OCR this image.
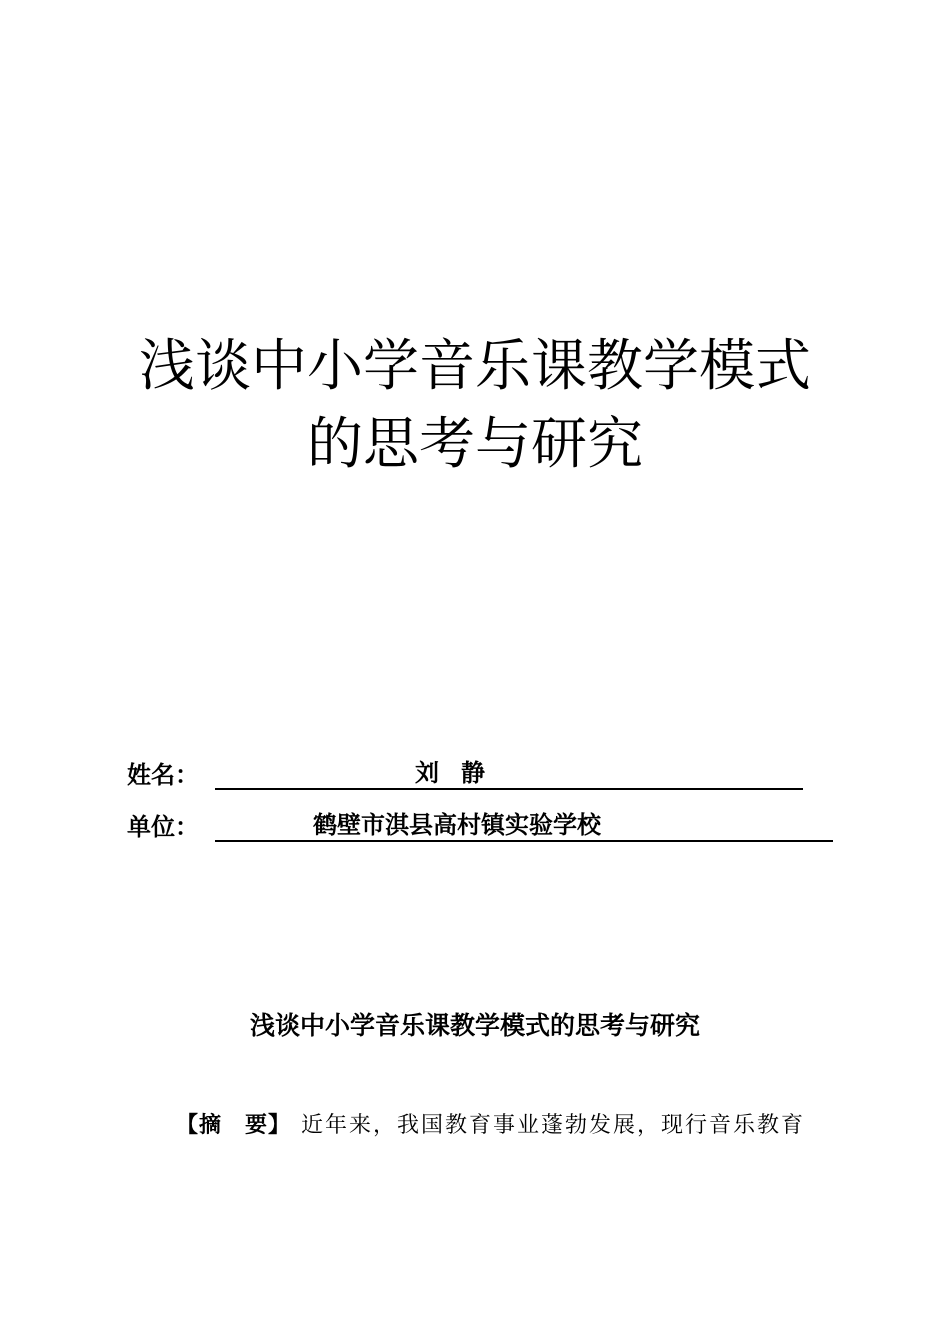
浅谈中小学音乐课教学模式
的思考与研究
姓名：	刘静
单位：	鹤壁市淇县高村镇实验学校
浅谈中小学音乐课教学模式的思考与研究
【摘　要】 近年来，我国教育事业蓬勃发展，现行音乐教育
